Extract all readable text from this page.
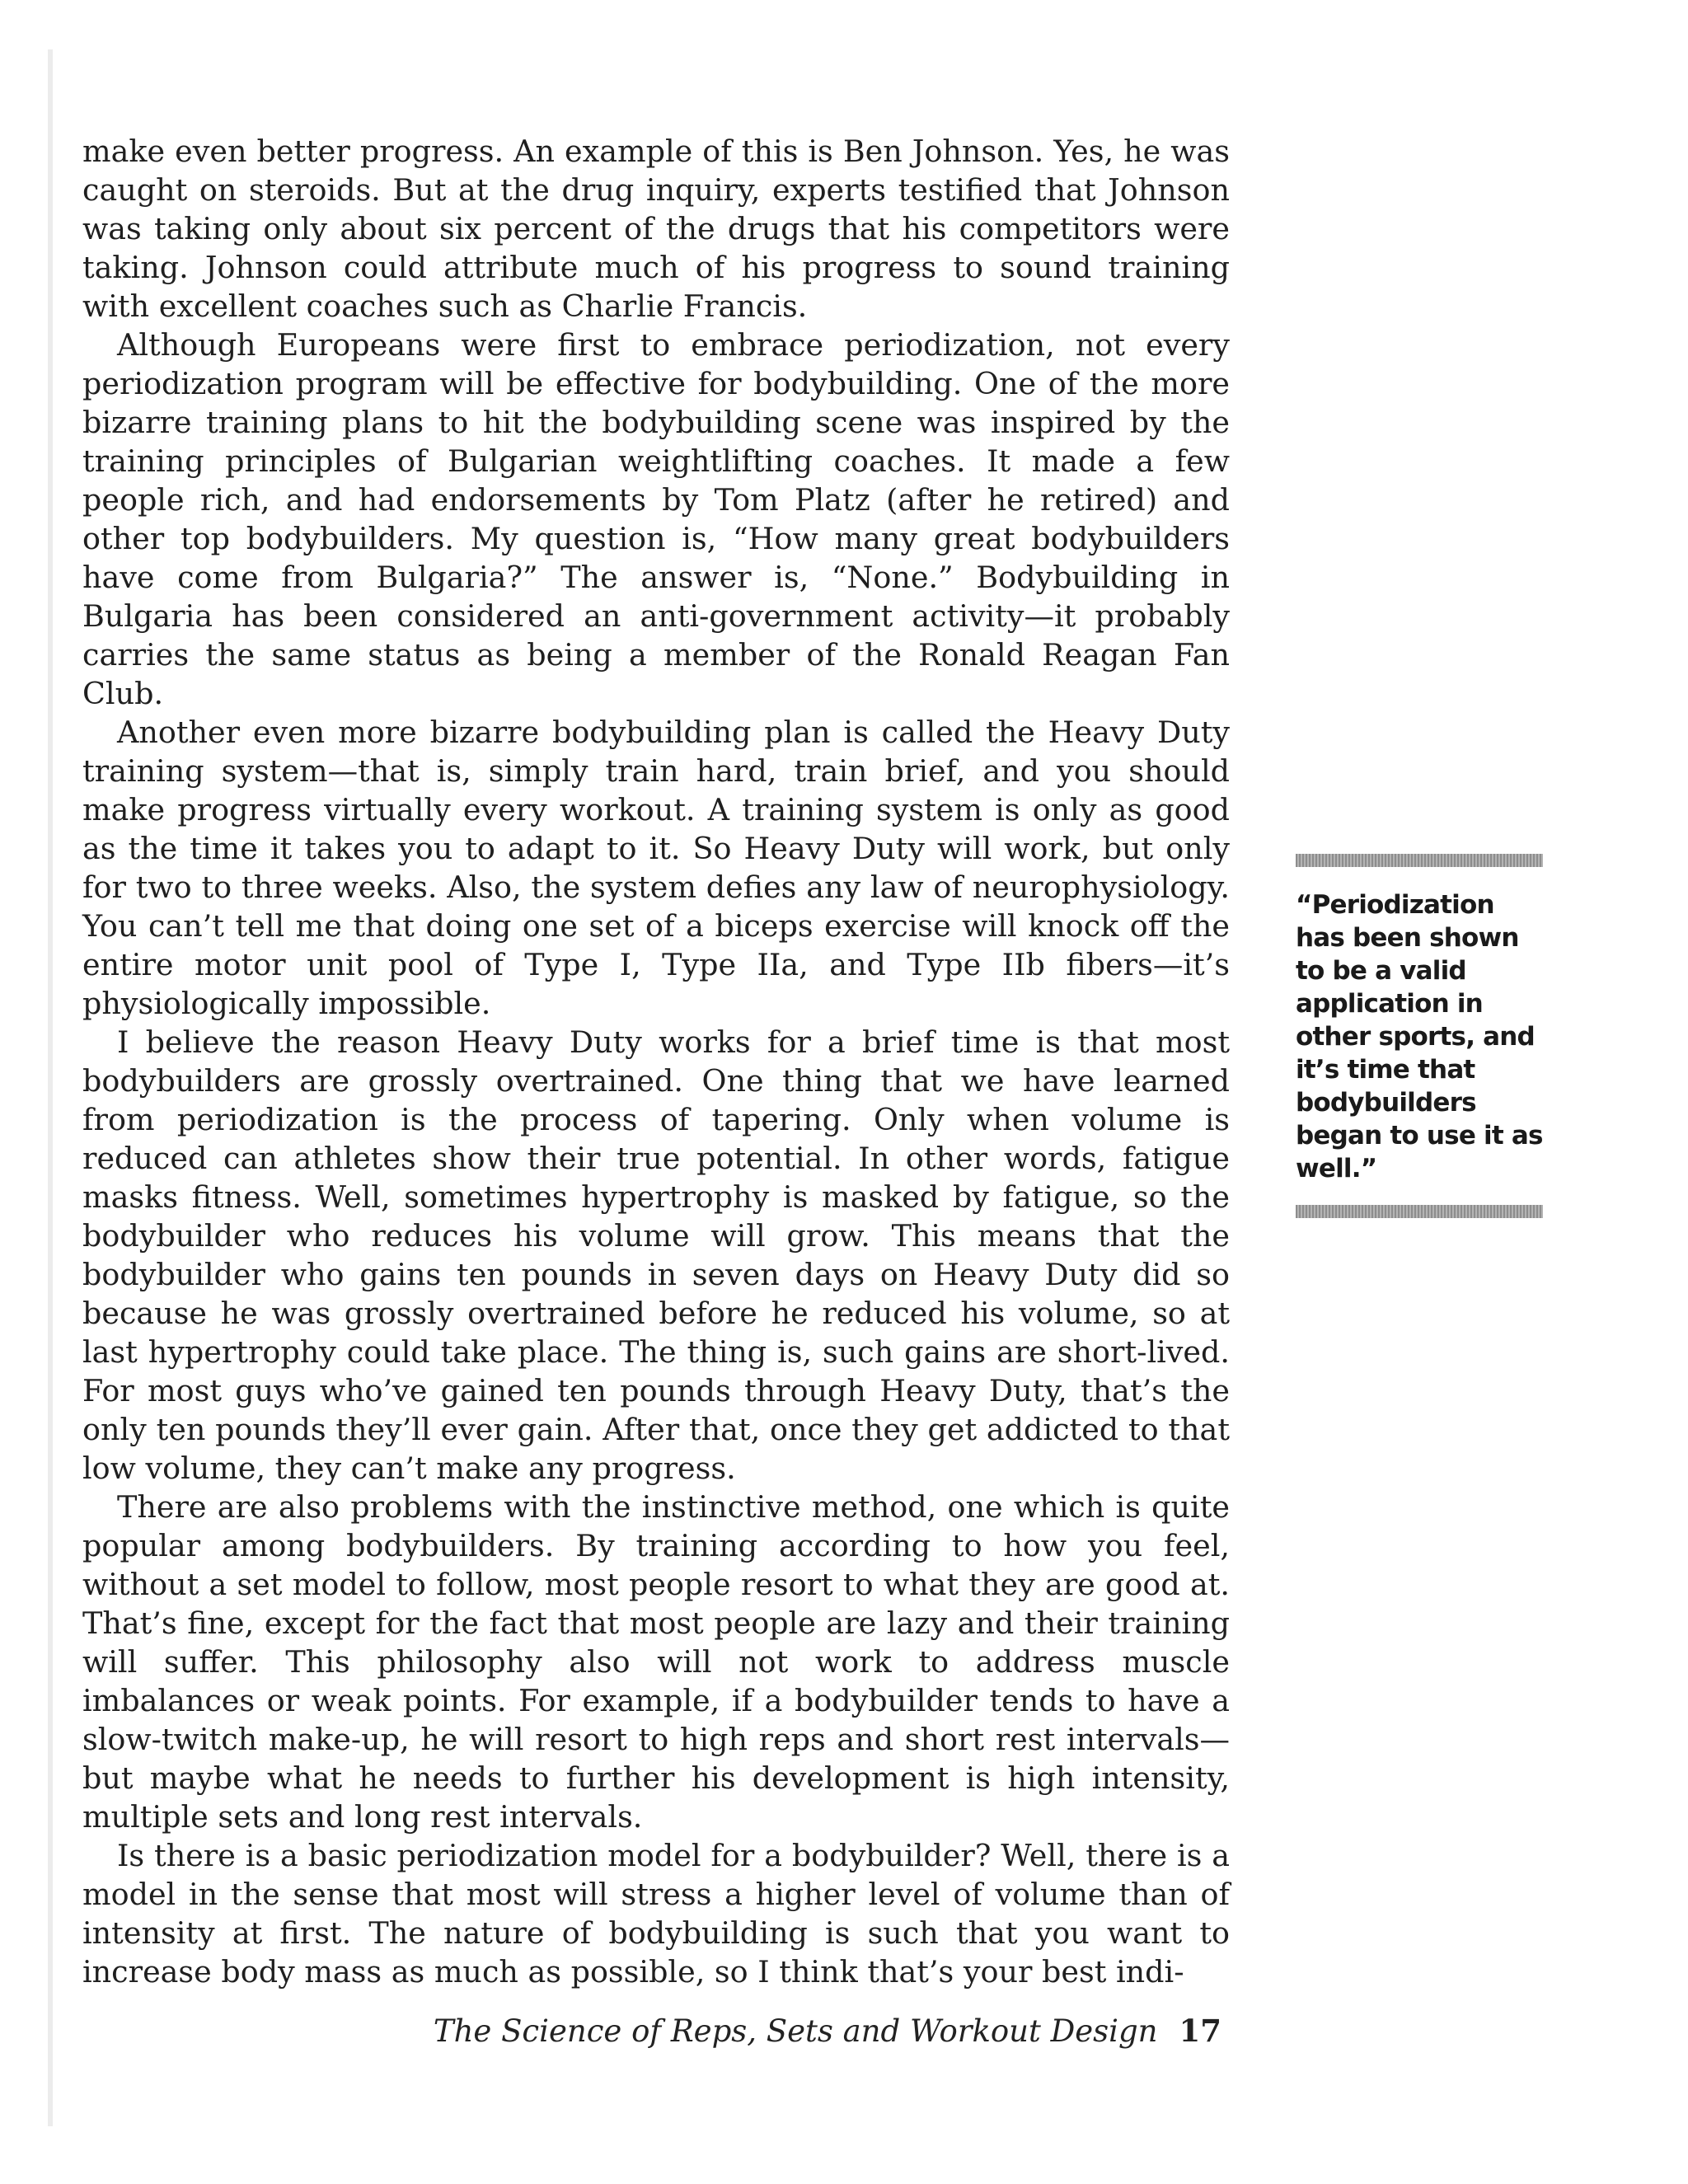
make even better progress. An example of this is Ben Johnson. Yes, he was caught on steroids. But at the drug inquiry, experts testified that Johnson was taking only about six percent of the drugs that his competitors were taking. Johnson could attribute much of his progress to sound training with excellent coaches such as Charlie Francis.

Although Europeans were first to embrace periodization, not every periodization program will be effective for bodybuilding. One of the more bizarre training plans to hit the bodybuilding scene was inspired by the training principles of Bulgarian weightlifting coaches. It made a few people rich, and had endorsements by Tom Platz (after he retired) and other top bodybuilders. My question is, “How many great bodybuilders have come from Bulgaria?” The answer is, “None.” Bodybuilding in Bulgaria has been considered an anti-government activity—it probably carries the same status as being a member of the Ronald Reagan Fan Club.

Another even more bizarre bodybuilding plan is called the Heavy Duty training system—that is, simply train hard, train brief, and you should make progress virtually every workout. A training system is only as good as the time it takes you to adapt to it. So Heavy Duty will work, but only for two to three weeks. Also, the system defies any law of neurophysiology. You can’t tell me that doing one set of a biceps exercise will knock off the entire motor unit pool of Type I, Type IIa, and Type IIb fibers—it’s physiologically impossible.

I believe the reason Heavy Duty works for a brief time is that most bodybuilders are grossly overtrained. One thing that we have learned from periodization is the process of tapering. Only when volume is reduced can athletes show their true potential. In other words, fatigue masks fitness. Well, sometimes hypertrophy is masked by fatigue, so the bodybuilder who reduces his volume will grow. This means that the bodybuilder who gains ten pounds in seven days on Heavy Duty did so because he was grossly overtrained before he reduced his volume, so at last hypertrophy could take place. The thing is, such gains are short-lived. For most guys who’ve gained ten pounds through Heavy Duty, that’s the only ten pounds they’ll ever gain. After that, once they get addicted to that low volume, they can’t make any progress.

There are also problems with the instinctive method, one which is quite popular among bodybuilders. By training according to how you feel, without a set model to follow, most people resort to what they are good at. That’s fine, except for the fact that most people are lazy and their training will suffer. This philosophy also will not work to address muscle imbalances or weak points. For example, if a bodybuilder tends to have a slow-twitch make-up, he will resort to high reps and short rest intervals—but maybe what he needs to further his development is high intensity, multiple sets and long rest intervals.

Is there is a basic periodization model for a bodybuilder? Well, there is a model in the sense that most will stress a higher level of volume than of intensity at first. The nature of bodybuilding is such that you want to increase body mass as much as possible, so I think that’s your best indi-

“Periodization has been shown to be a valid application in other sports, and it’s time that bodybuilders began to use it as well.”
The Science of Reps, Sets and Workout Design 17
